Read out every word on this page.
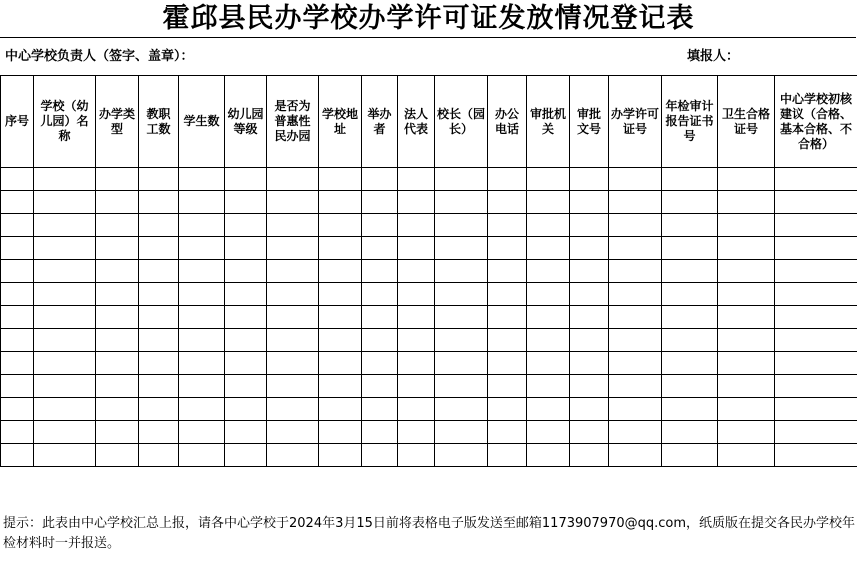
霍邱县民办学校办学许可证发放情况登记表
中心学校负责人（签字、盖章）：	填报人：
序号	学校（幼儿园）名称	办学类型	教职工数	学生数	幼儿园等级	是否为普惠性民办园	学校地址	举办者	法人代表	校长（园长）	办公电话	审批机关	审批文号	办学许可证号	年检审计报告证书号	卫生合格证号	中心学校初核建议（合格、基本合格、不合格）

提示：此表由中心学校汇总上报，请各中心学校于2024年3月15日前将表格电子版发送至邮箱1173907970@qq.com，纸质版在提交各民办学校年检材料时一并报送。
